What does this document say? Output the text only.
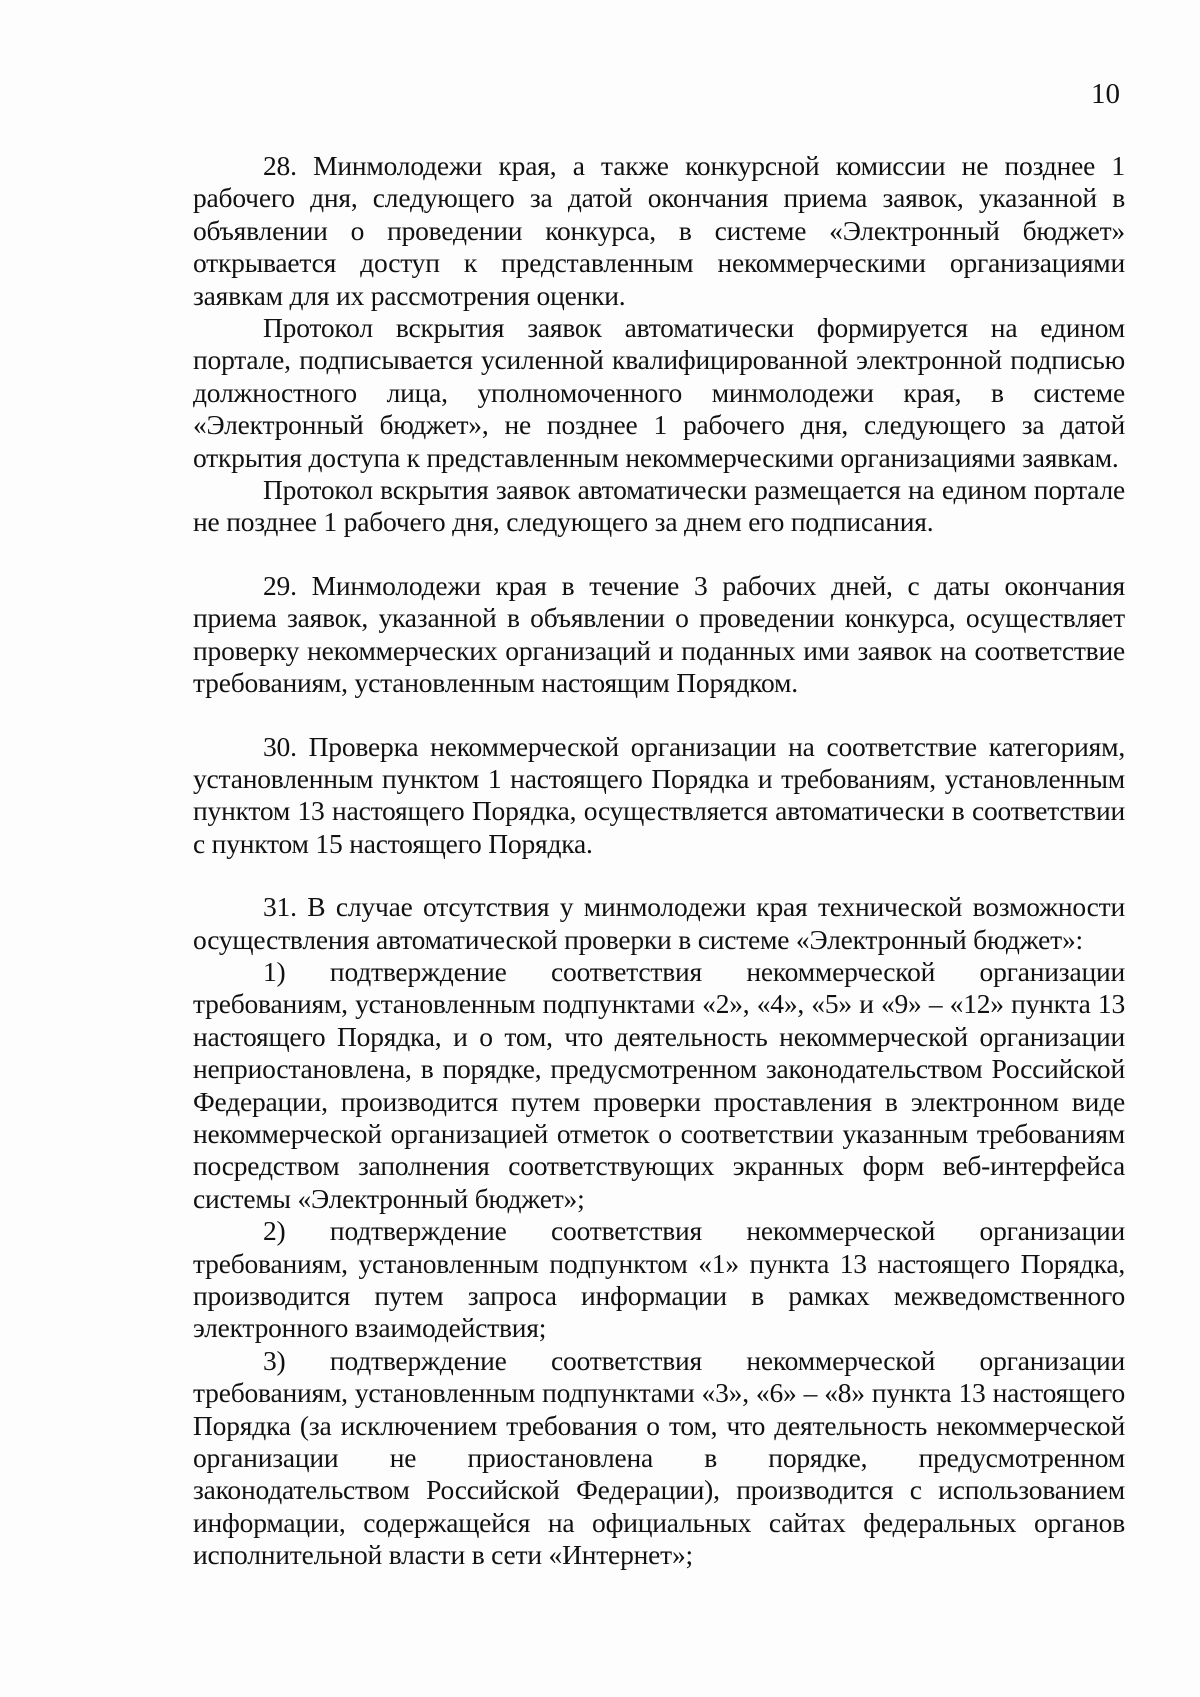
10

28. Минмолодежи края, а также конкурсной комиссии не позднее 1 рабочего дня, следующего за датой окончания приема заявок, указанной в объявлении о проведении конкурса, в системе «Электронный бюджет» открывается доступ к представленным некоммерческими организациями заявкам для их рассмотрения оценки.

Протокол вскрытия заявок автоматически формируется на едином портале, подписывается усиленной квалифицированной электронной подписью должностного лица, уполномоченного минмолодежи края, в системе «Электронный бюджет», не позднее 1 рабочего дня, следующего за датой открытия доступа к представленным некоммерческими организациями заявкам.

Протокол вскрытия заявок автоматически размещается на едином портале не позднее 1 рабочего дня, следующего за днем его подписания.

29. Минмолодежи края в течение 3 рабочих дней, с даты окончания приема заявок, указанной в объявлении о проведении конкурса, осуществляет проверку некоммерческих организаций и поданных ими заявок на соответствие требованиям, установленным настоящим Порядком.

30. Проверка некоммерческой организации на соответствие категориям, установленным пунктом 1 настоящего Порядка и требованиям, установленным пунктом 13 настоящего Порядка, осуществляется автоматически в соответствии с пунктом 15 настоящего Порядка.

31. В случае отсутствия у минмолодежи края технической возможности осуществления автоматической проверки в системе «Электронный бюджет»:

1) подтверждение соответствия некоммерческой организации требованиям, установленным подпунктами «2», «4», «5» и «9» – «12» пункта 13 настоящего Порядка, и о том, что деятельность некоммерческой организации неприостановлена, в порядке, предусмотренном законодательством Российской Федерации, производится путем проверки проставления в электронном виде некоммерческой организацией отметок о соответствии указанным требованиям посредством заполнения соответствующих экранных форм веб-интерфейса системы «Электронный бюджет»;

2) подтверждение соответствия некоммерческой организации требованиям, установленным подпунктом «1» пункта 13 настоящего Порядка, производится путем запроса информации в рамках межведомственного электронного взаимодействия;

3) подтверждение соответствия некоммерческой организации требованиям, установленным подпунктами «3», «6» – «8» пункта 13 настоящего Порядка (за исключением требования о том, что деятельность некоммерческой организации не приостановлена в порядке, предусмотренном законодательством Российской Федерации), производится с использованием информации, содержащейся на официальных сайтах федеральных органов исполнительной власти в сети «Интернет»;
